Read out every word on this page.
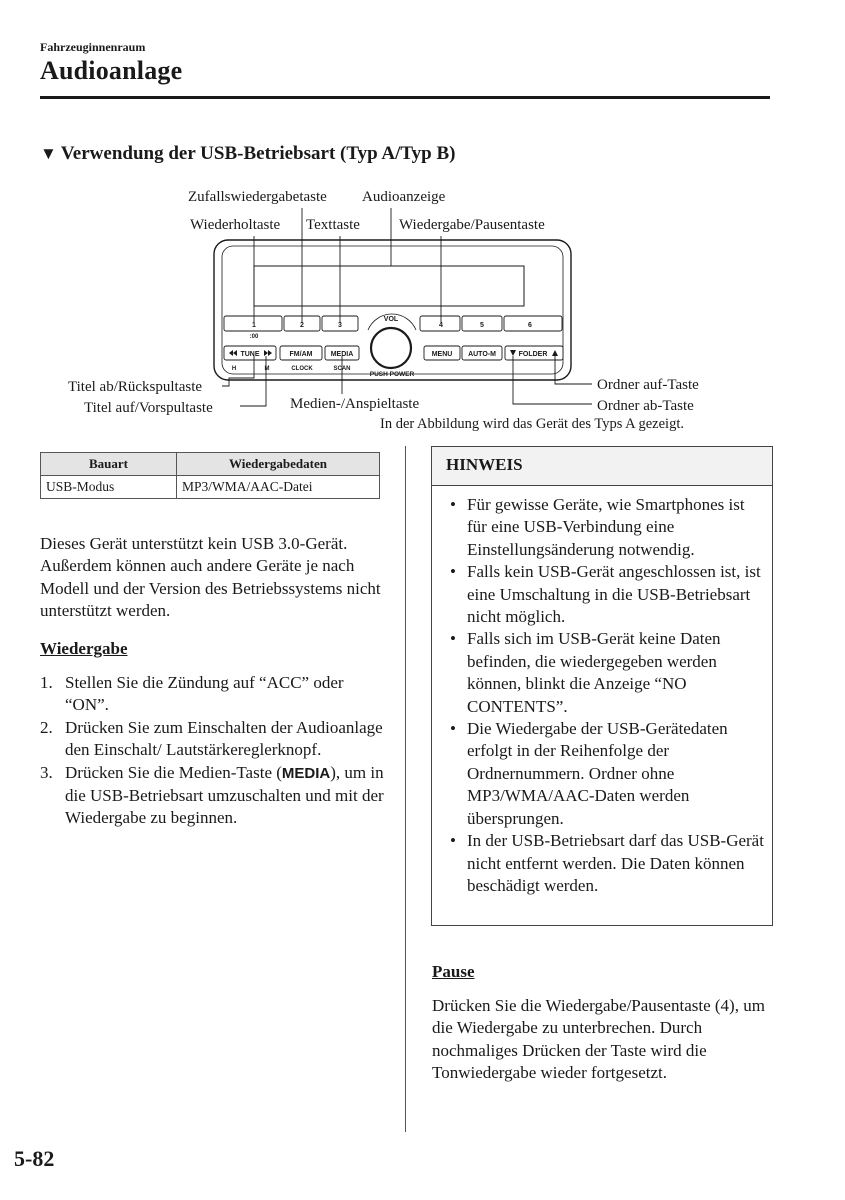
Fahrzeuginnenraum
Audioanlage
▼ Verwendung der USB-Betriebsart (Typ A/Typ B)
Zufallswiedergabetaste Audioanzeige
Wiederholtaste Texttaste	Wiedergabe/Pausentaste
Titel ab/Rückspultaste
Titel auf/Vorspultaste	Medien-/Anspieltaste
Ordner auf-Taste
Ordner ab-Taste
1	2	3	4	5	6
:00
VOL
PUSH POWER
TUNE	FM/AM	MEDIA	MENU AUTO-M	FOLDER
H	M	CLOCK	SCAN
In der Abbildung wird das Gerät des Typs A gezeigt.
Bauart	Wiedergabedaten
USB-Modus	MP3/WMA/AAC-Datei

Dieses Gerät unterstützt kein USB 3.0-Gerät. Außerdem können auch andere Geräte je nach Modell und der Version des Betriebssystems nicht unterstützt werden.

Wiedergabe
1. Stellen Sie die Zündung auf “ACC” oder “ON”.
2. Drücken Sie zum Einschalten der Audioanlage den Einschalt/ Lautstärkereglerknopf.
3. Drücken Sie die Medien-Taste (MEDIA), um in die USB-Betriebsart umzuschalten und mit der Wiedergabe zu beginnen.
HINWEIS
• Für gewisse Geräte, wie Smartphones ist für eine USB-Verbindung eine Einstellungsänderung notwendig.
• Falls kein USB-Gerät angeschlossen ist, ist eine Umschaltung in die USB-Betriebsart nicht möglich.
• Falls sich im USB-Gerät keine Daten befinden, die wiedergegeben werden können, blinkt die Anzeige “NO CONTENTS”.
• Die Wiedergabe der USB-Gerätedaten erfolgt in der Reihenfolge der Ordnernummern. Ordner ohne MP3/WMA/AAC-Daten werden übersprungen.
• In der USB-Betriebsart darf das USB-Gerät nicht entfernt werden. Die Daten können beschädigt werden.
Pause

Drücken Sie die Wiedergabe/Pausentaste (4), um die Wiedergabe zu unterbrechen. Durch nochmaliges Drücken der Taste wird die Tonwiedergabe wieder fortgesetzt.

5-82
